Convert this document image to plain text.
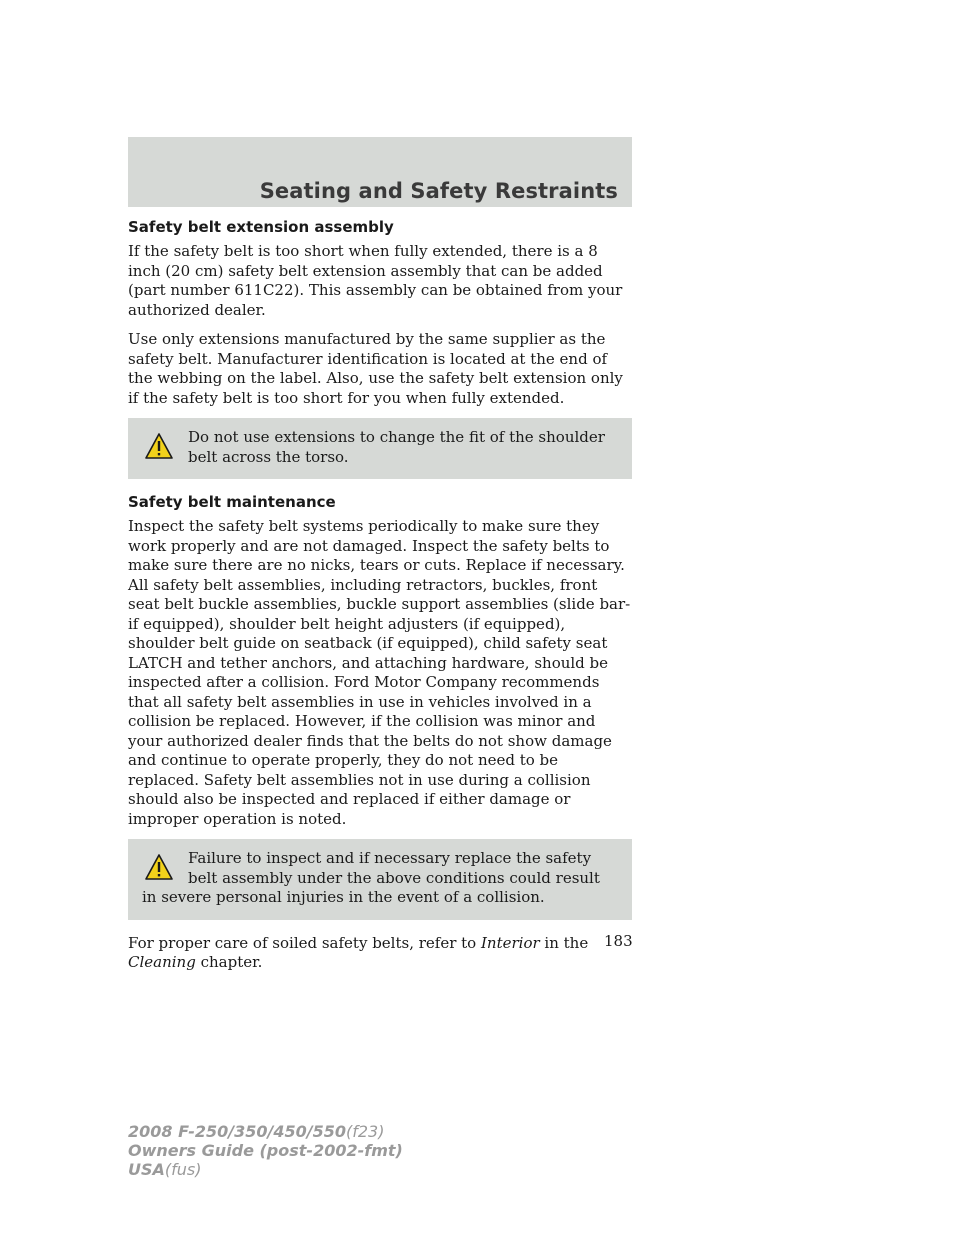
Seating and Safety Restraints
Safety belt extension assembly

If the safety belt is too short when fully extended, there is a 8 inch (20 cm) safety belt extension assembly that can be added (part number 611C22). This assembly can be obtained from your authorized dealer.

Use only extensions manufactured by the same supplier as the safety belt. Manufacturer identification is located at the end of the webbing on the label. Also, use the safety belt extension only if the safety belt is too short for you when fully extended.

Do not use extensions to change the fit of the shoulder belt across the torso.
Safety belt maintenance

Inspect the safety belt systems periodically to make sure they work properly and are not damaged. Inspect the safety belts to make sure there are no nicks, tears or cuts. Replace if necessary. All safety belt assemblies, including retractors, buckles, front seat belt buckle assemblies, buckle support assemblies (slide bar-if equipped), shoulder belt height adjusters (if equipped), shoulder belt guide on seatback (if equipped), child safety seat LATCH and tether anchors, and attaching hardware, should be inspected after a collision. Ford Motor Company recommends that all safety belt assemblies in use in vehicles involved in a collision be replaced. However, if the collision was minor and your authorized dealer finds that the belts do not show damage and continue to operate properly, they do not need to be replaced. Safety belt assemblies not in use during a collision should also be inspected and replaced if either damage or improper operation is noted.

Failure to inspect and if necessary replace the safety belt assembly under the above conditions could result in severe personal injuries in the event of a collision.

For proper care of soiled safety belts, refer to Interior in the Cleaning chapter.

183
2008 F-250/350/450/550(f23)
Owners Guide (post-2002-fmt)
USA(fus)
